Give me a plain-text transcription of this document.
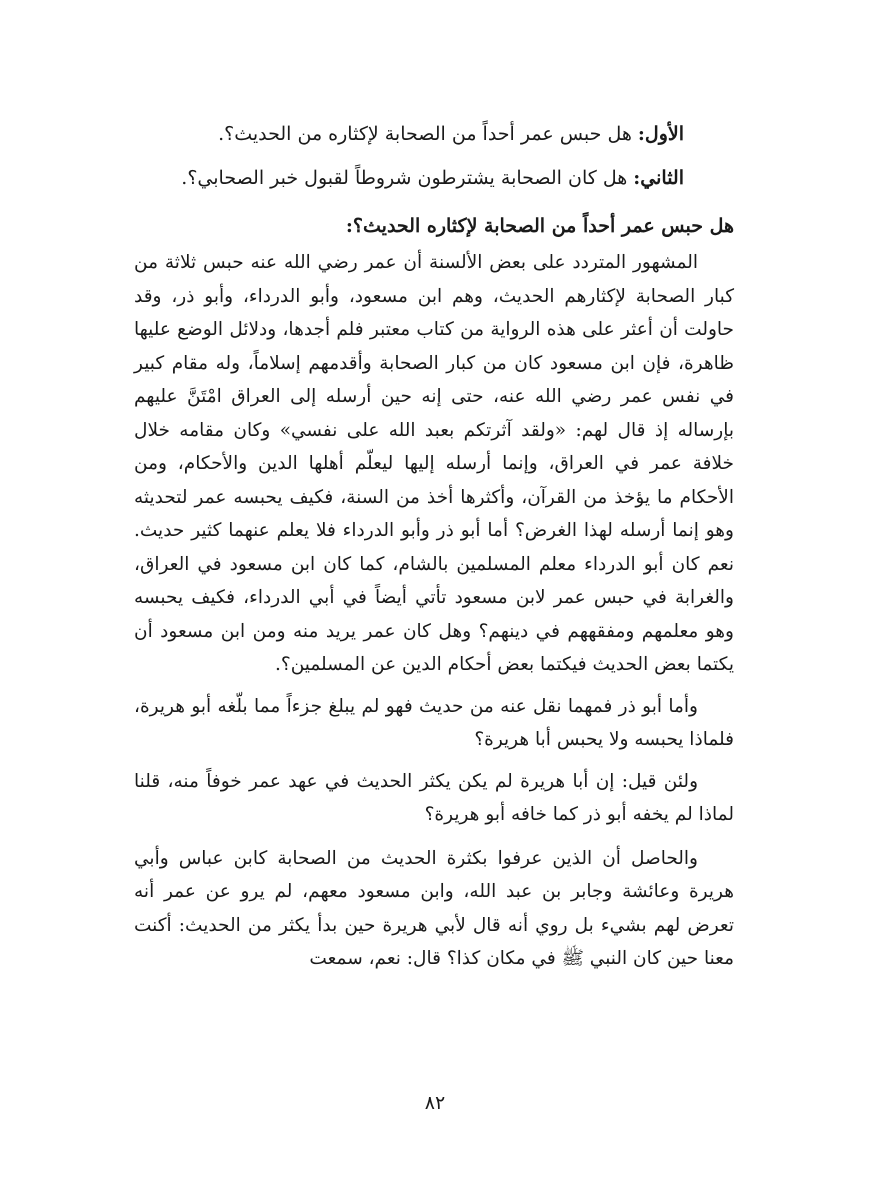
الأول: هل حبس عمر أحداً من الصحابة لإكثاره من الحديث؟.

الثاني: هل كان الصحابة يشترطون شروطاً لقبول خبر الصحابي؟.

هل حبس عمر أحداً من الصحابة لإكثاره الحديث؟:

المشهور المتردد على بعض الألسنة أن عمر رضي الله عنه حبس ثلاثة من كبار الصحابة لإكثارهم الحديث، وهم ابن مسعود، وأبو الدرداء، وأبو ذر، وقد حاولت أن أعثر على هذه الرواية من كتاب معتبر فلم أجدها، ودلائل الوضع عليها ظاهرة، فإن ابن مسعود كان من كبار الصحابة وأقدمهم إسلاماً، وله مقام كبير في نفس عمر رضي الله عنه، حتى إنه حين أرسله إلى العراق امْتَنَّ عليهم بإرساله إذ قال لهم: «ولقد آثرتكم بعبد الله على نفسي» وكان مقامه خلال خلافة عمر في العراق، وإنما أرسله إليها ليعلّم أهلها الدين والأحكام، ومن الأحكام ما يؤخذ من القرآن، وأكثرها أخذ من السنة، فكيف يحبسه عمر لتحديثه وهو إنما أرسله لهذا الغرض؟ أما أبو ذر وأبو الدرداء فلا يعلم عنهما كثير حديث. نعم كان أبو الدرداء معلم المسلمين بالشام، كما كان ابن مسعود في العراق، والغرابة في حبس عمر لابن مسعود تأتي أيضاً في أبي الدرداء، فكيف يحبسه وهو معلمهم ومفقههم في دينهم؟ وهل كان عمر يريد منه ومن ابن مسعود أن يكتما بعض الحديث فيكتما بعض أحكام الدين عن المسلمين؟.

وأما أبو ذر فمهما نقل عنه من حديث فهو لم يبلغ جزءاً مما بلّغه أبو هريرة، فلماذا يحبسه ولا يحبس أبا هريرة؟

ولئن قيل: إن أبا هريرة لم يكن يكثر الحديث في عهد عمر خوفاً منه، قلنا لماذا لم يخفه أبو ذر كما خافه أبو هريرة؟

والحاصل أن الذين عرفوا بكثرة الحديث من الصحابة كابن عباس وأبي هريرة وعائشة وجابر بن عبد الله، وابن مسعود معهم، لم يرو عن عمر أنه تعرض لهم بشيء بل روي أنه قال لأبي هريرة حين بدأ يكثر من الحديث: أكنت معنا حين كان النبي ﷺ في مكان كذا؟ قال: نعم، سمعت

٨٢
